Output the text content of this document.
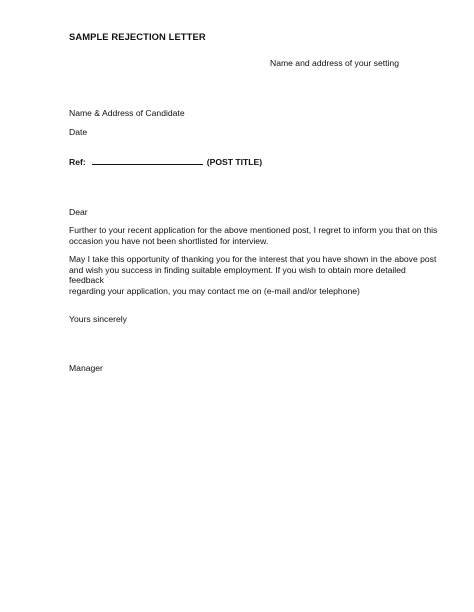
SAMPLE REJECTION LETTER
Name and address of your setting
Name & Address of Candidate
Date
Ref:	(POST TITLE)
Dear
Further to your recent application for the above mentioned post, I regret to inform you that on this
occasion you have not been shortlisted for interview.
May I take this opportunity of thanking you for the interest that you have shown in the above post
and wish you success in finding suitable employment. If you wish to obtain more detailed feedback
regarding your application, you may contact me on (e-mail and/or telephone)
Yours sincerely
Manager
